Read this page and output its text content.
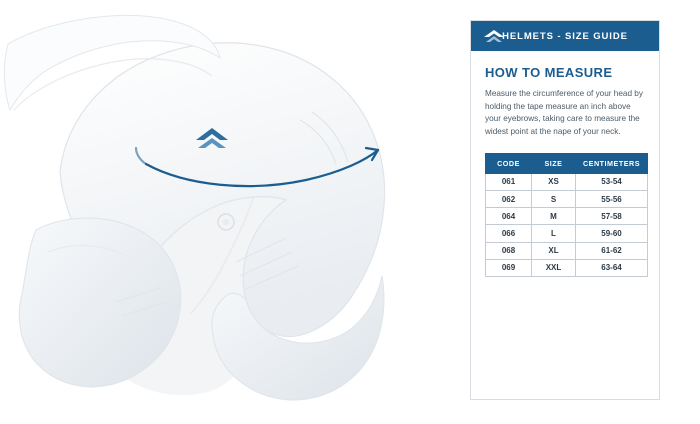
HELMETS - SIZE GUIDE
HOW TO MEASURE

Measure the circumference of your head by holding the tape measure an inch above your eyebrows, taking care to measure the widest point at the nape of your neck.

CODE	SIZE	CENTIMETERS
061	XS	53-54
062	S	55-56
064	M	57-58
066	L	59-60
068	XL	61-62
069	XXL	63-64
